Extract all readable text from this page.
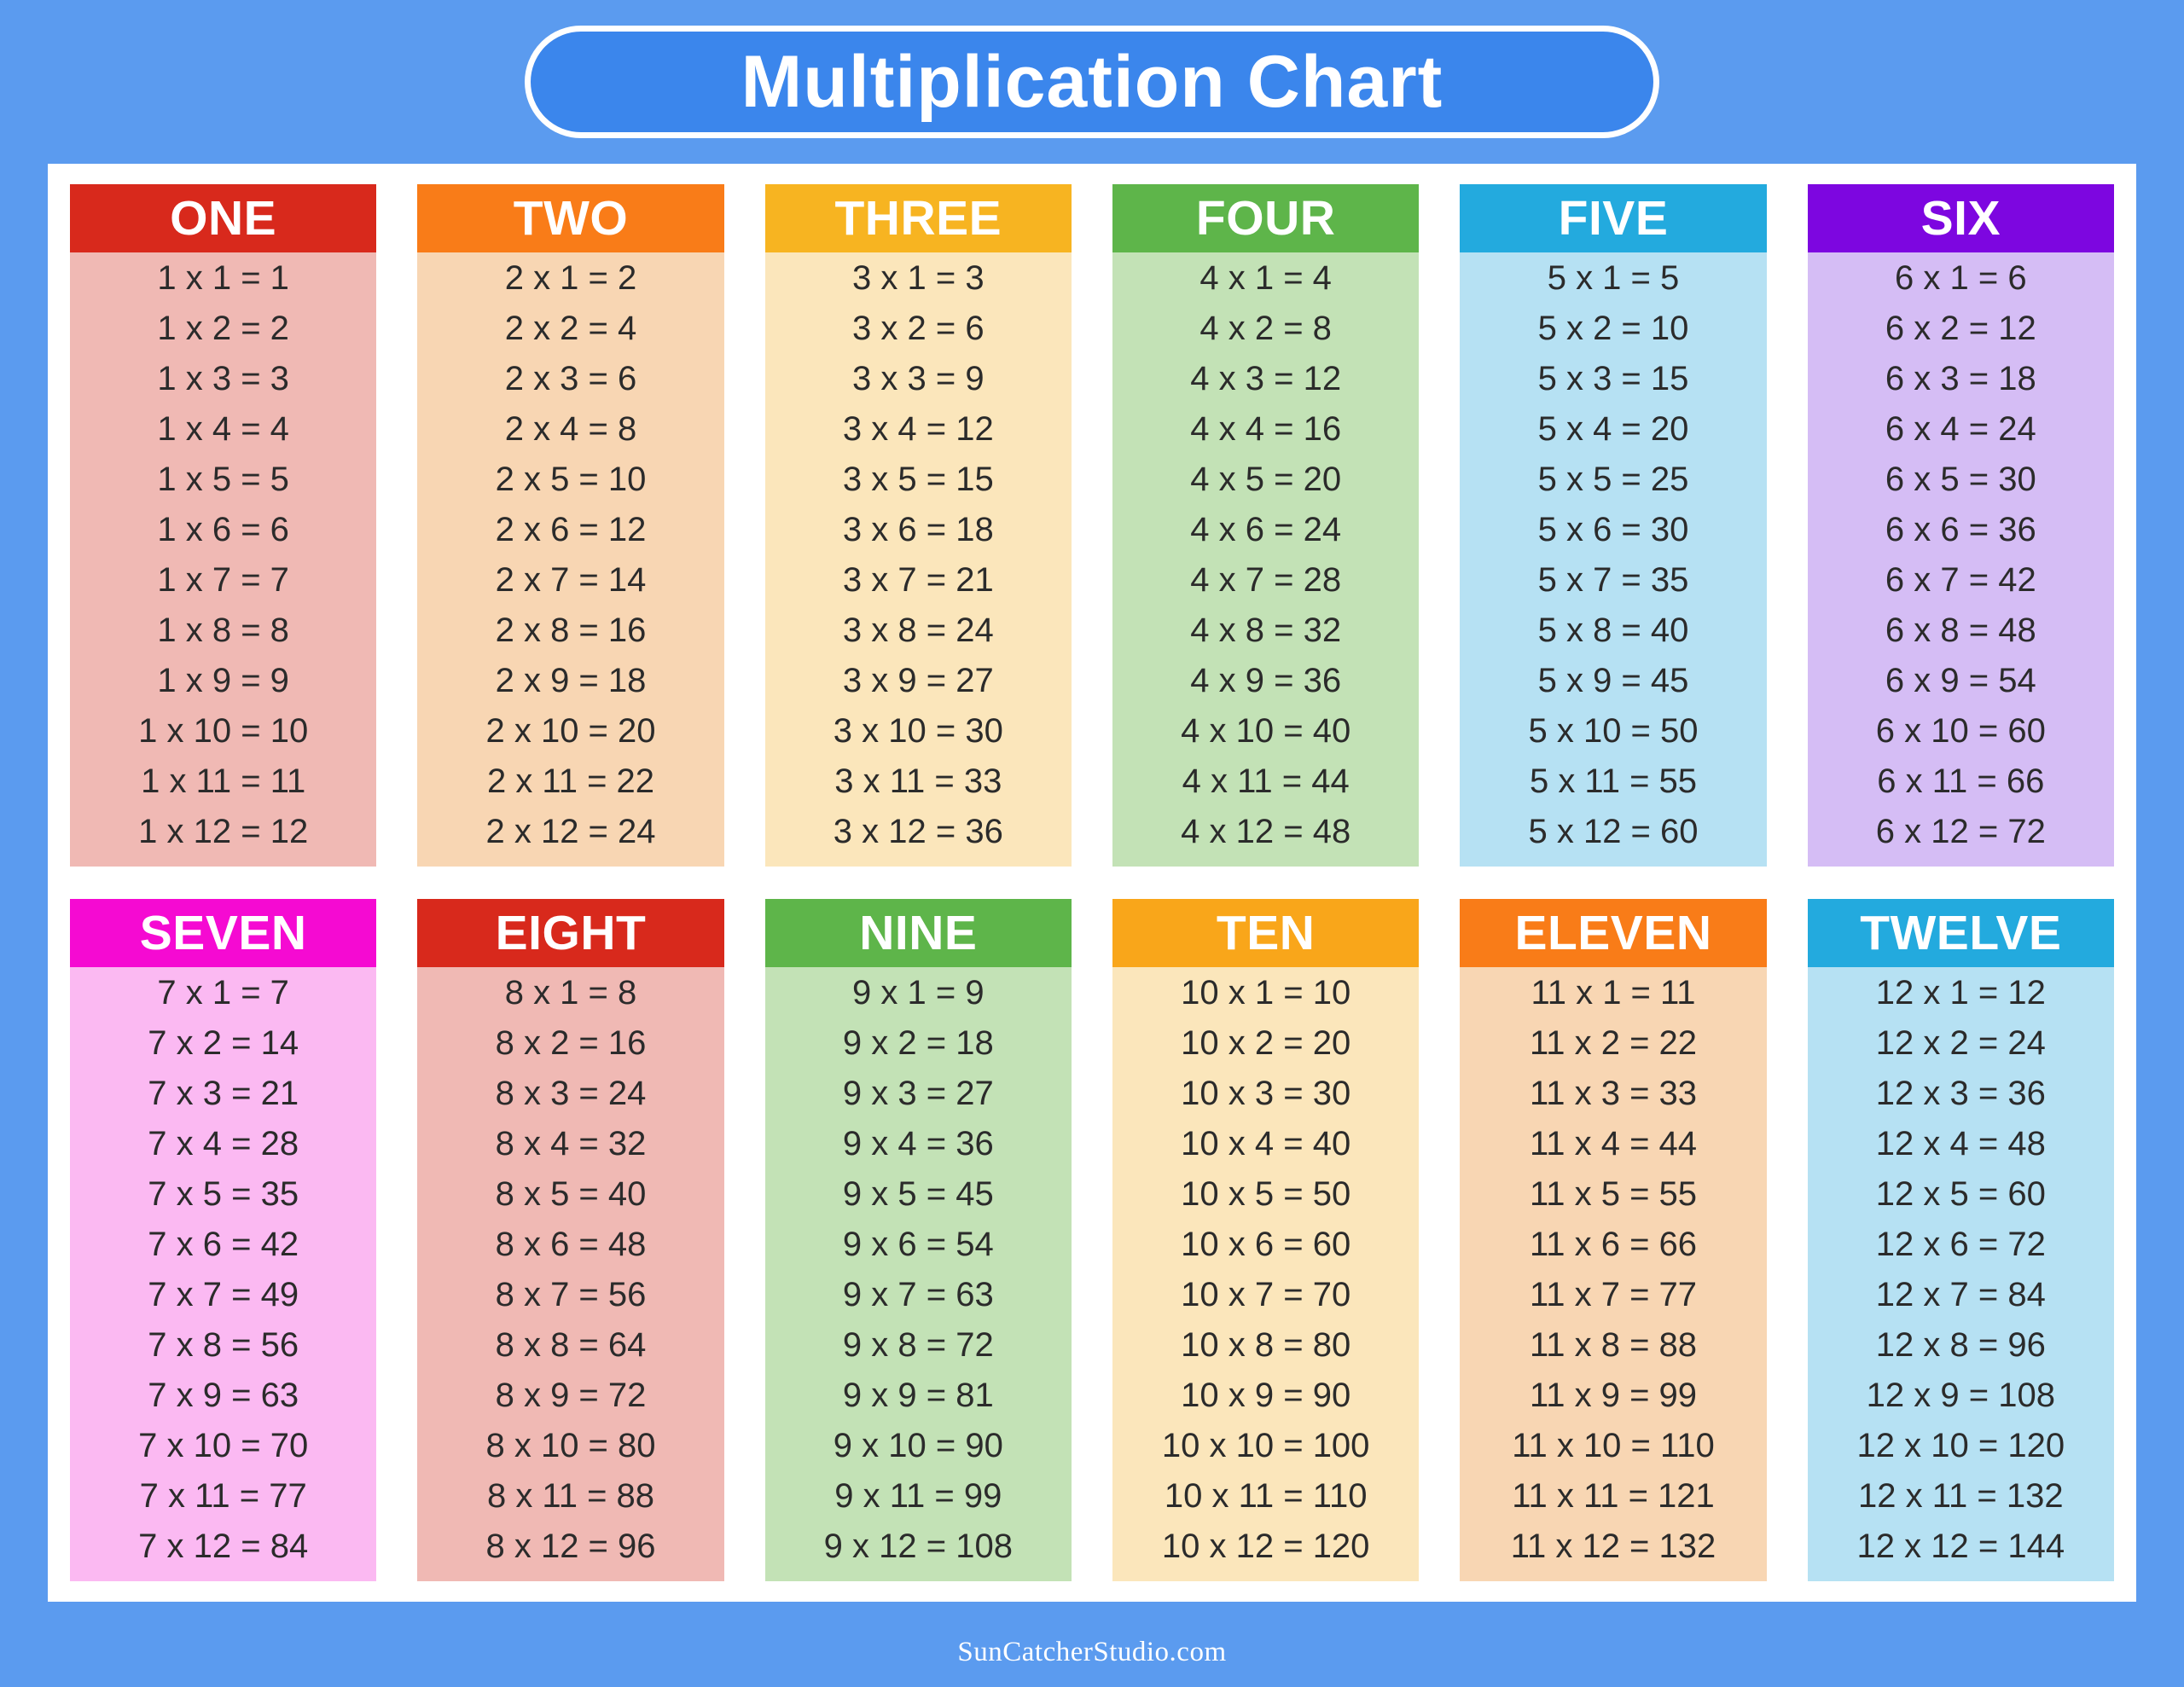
Multiplication Chart
ONE
1 x 1 = 1
1 x 2 = 2
1 x 3 = 3
1 x 4 = 4
1 x 5 = 5
1 x 6 = 6
1 x 7 = 7
1 x 8 = 8
1 x 9 = 9
1 x 10 = 10
1 x 11 = 11
1 x 12 = 12
TWO
2 x 1 = 2
2 x 2 = 4
2 x 3 = 6
2 x 4 = 8
2 x 5 = 10
2 x 6 = 12
2 x 7 = 14
2 x 8 = 16
2 x 9 = 18
2 x 10 = 20
2 x 11 = 22
2 x 12 = 24
THREE
3 x 1 = 3
3 x 2 = 6
3 x 3 = 9
3 x 4 = 12
3 x 5 = 15
3 x 6 = 18
3 x 7 = 21
3 x 8 = 24
3 x 9 = 27
3 x 10 = 30
3 x 11 = 33
3 x 12 = 36
FOUR
4 x 1 = 4
4 x 2 = 8
4 x 3 = 12
4 x 4 = 16
4 x 5 = 20
4 x 6 = 24
4 x 7 = 28
4 x 8 = 32
4 x 9 = 36
4 x 10 = 40
4 x 11 = 44
4 x 12 = 48
FIVE
5 x 1 = 5
5 x 2 = 10
5 x 3 = 15
5 x 4 = 20
5 x 5 = 25
5 x 6 = 30
5 x 7 = 35
5 x 8 = 40
5 x 9 = 45
5 x 10 = 50
5 x 11 = 55
5 x 12 = 60
SIX
6 x 1 = 6
6 x 2 = 12
6 x 3 = 18
6 x 4 = 24
6 x 5 = 30
6 x 6 = 36
6 x 7 = 42
6 x 8 = 48
6 x 9 = 54
6 x 10 = 60
6 x 11 = 66
6 x 12 = 72
SEVEN
7 x 1 = 7
7 x 2 = 14
7 x 3 = 21
7 x 4 = 28
7 x 5 = 35
7 x 6 = 42
7 x 7 = 49
7 x 8 = 56
7 x 9 = 63
7 x 10 = 70
7 x 11 = 77
7 x 12 = 84
EIGHT
8 x 1 = 8
8 x 2 = 16
8 x 3 = 24
8 x 4 = 32
8 x 5 = 40
8 x 6 = 48
8 x 7 = 56
8 x 8 = 64
8 x 9 = 72
8 x 10 = 80
8 x 11 = 88
8 x 12 = 96
NINE
9 x 1 = 9
9 x 2 = 18
9 x 3 = 27
9 x 4 = 36
9 x 5 = 45
9 x 6 = 54
9 x 7 = 63
9 x 8 = 72
9 x 9 = 81
9 x 10 = 90
9 x 11 = 99
9 x 12 = 108
TEN
10 x 1 = 10
10 x 2 = 20
10 x 3 = 30
10 x 4 = 40
10 x 5 = 50
10 x 6 = 60
10 x 7 = 70
10 x 8 = 80
10 x 9 = 90
10 x 10 = 100
10 x 11 = 110
10 x 12 = 120
ELEVEN
11 x 1 = 11
11 x 2 = 22
11 x 3 = 33
11 x 4 = 44
11 x 5 = 55
11 x 6 = 66
11 x 7 = 77
11 x 8 = 88
11 x 9 = 99
11 x 10 = 110
11 x 11 = 121
11 x 12 = 132
TWELVE
12 x 1 = 12
12 x 2 = 24
12 x 3 = 36
12 x 4 = 48
12 x 5 = 60
12 x 6 = 72
12 x 7 = 84
12 x 8 = 96
12 x 9 = 108
12 x 10 = 120
12 x 11 = 132
12 x 12 = 144
SunCatcherStudio.com
